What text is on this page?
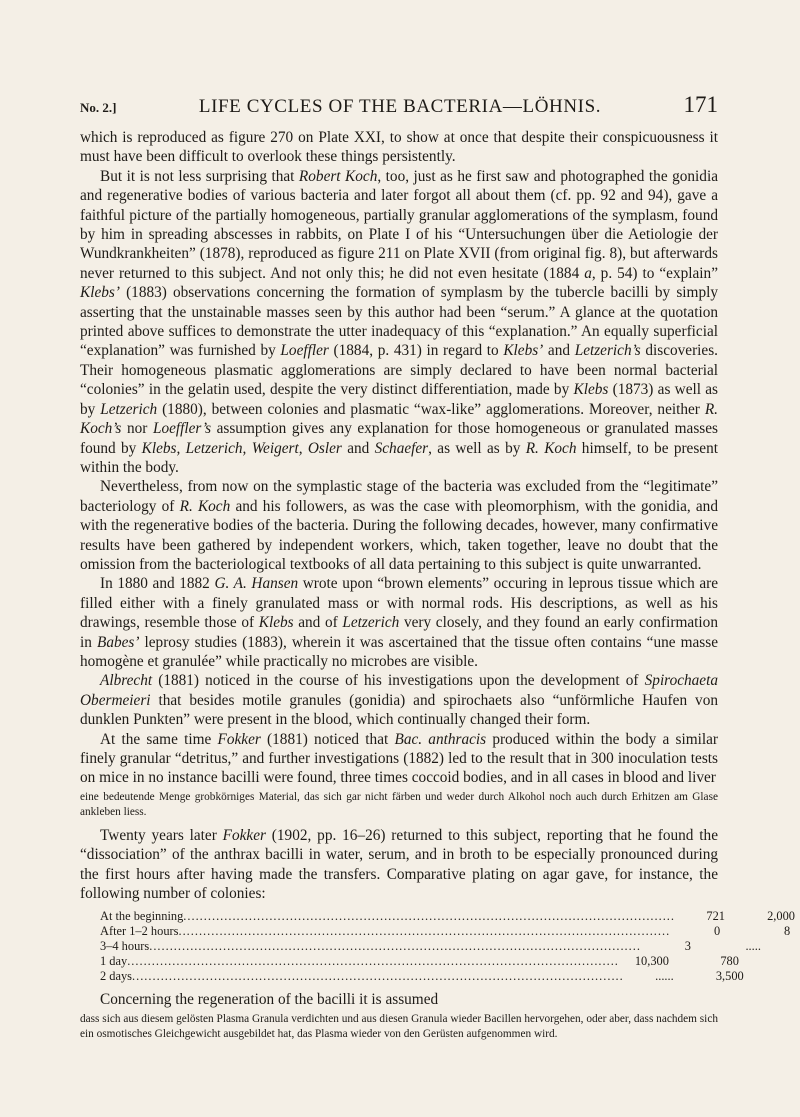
No. 2.]	LIFE CYCLES OF THE BACTERIA—LÖHNIS.	171

which is reproduced as figure 270 on Plate XXI, to show at once that despite their conspicuousness it must have been difficult to overlook these things persistently.

But it is not less surprising that Robert Koch, too, just as he first saw and photographed the gonidia and regenerative bodies of various bacteria and later forgot all about them (cf. pp. 92 and 94), gave a faithful picture of the partially homogeneous, partially granular agglomerations of the symplasm, found by him in spreading abscesses in rabbits, on Plate I of his “Untersuchungen über die Aetiologie der Wundkrankheiten” (1878), reproduced as figure 211 on Plate XVII (from original fig. 8), but afterwards never returned to this subject. And not only this; he did not even hesitate (1884 a, p. 54) to “explain” Klebs’ (1883) observations concerning the formation of symplasm by the tubercle bacilli by simply asserting that the unstainable masses seen by this author had been “serum.” A glance at the quotation printed above suffices to demonstrate the utter inadequacy of this “explanation.” An equally superficial “explanation” was furnished by Loeffler (1884, p. 431) in regard to Klebs’ and Letzerich’s discoveries. Their homogeneous plasmatic agglomerations are simply declared to have been normal bacterial “colonies” in the gelatin used, despite the very distinct differentiation, made by Klebs (1873) as well as by Letzerich (1880), between colonies and plasmatic “wax-like” agglomerations. Moreover, neither R. Koch’s nor Loeffler’s assumption gives any explanation for those homogeneous or granulated masses found by Klebs, Letzerich, Weigert, Osler and Schaefer, as well as by R. Koch himself, to be present within the body.

Nevertheless, from now on the symplastic stage of the bacteria was excluded from the “legitimate” bacteriology of R. Koch and his followers, as was the case with pleomorphism, with the gonidia, and with the regenerative bodies of the bacteria. During the following decades, however, many confirmative results have been gathered by independent workers, which, taken together, leave no doubt that the omission from the bacteriological textbooks of all data pertaining to this subject is quite unwarranted.

In 1880 and 1882 G. A. Hansen wrote upon “brown elements” occuring in leprous tissue which are filled either with a finely granulated mass or with normal rods. His descriptions, as well as his drawings, resemble those of Klebs and of Letzerich very closely, and they found an early confirmation in Babes’ leprosy studies (1883), wherein it was ascertained that the tissue often contains “une masse homogène et granulée” while practically no microbes are visible.

Albrecht (1881) noticed in the course of his investigations upon the development of Spirochaeta Obermeieri that besides motile granules (gonidia) and spirochaets also “unförmliche Haufen von dunklen Punkten” were present in the blood, which continually changed their form.

At the same time Fokker (1881) noticed that Bac. anthracis produced within the body a similar finely granular “detritus,” and further investigations (1882) led to the result that in 300 inoculation tests on mice in no instance bacilli were found, three times coccoid bodies, and in all cases in blood and liver

eine bedeutende Menge grobkörniges Material, das sich gar nicht färben und weder durch Alkohol noch auch durch Erhitzen am Glase ankleben liess.

Twenty years later Fokker (1902, pp. 16–26) returned to this subject, reporting that he found the “dissociation” of the anthrax bacilli in water, serum, and in broth to be especially pronounced during the first hours after having made the transfers. Comparative plating on agar gave, for instance, the following number of colonies:

At the beginning ........................................................................................................................	721	2,000
After 1–2 hours ........................................................................................................................	0	8
3–4 hours ........................................................................................................................	3	.....
1 day ........................................................................................................................	10,300	780
2 days ........................................................................................................................	......	3,500

Concerning the regeneration of the bacilli it is assumed

dass sich aus diesem gelösten Plasma Granula verdichten und aus diesen Granula wieder Bacillen hervorgehen, oder aber, dass nachdem sich ein osmotisches Gleichgewicht ausgebildet hat, das Plasma wieder von den Gerüsten aufgenommen wird.
